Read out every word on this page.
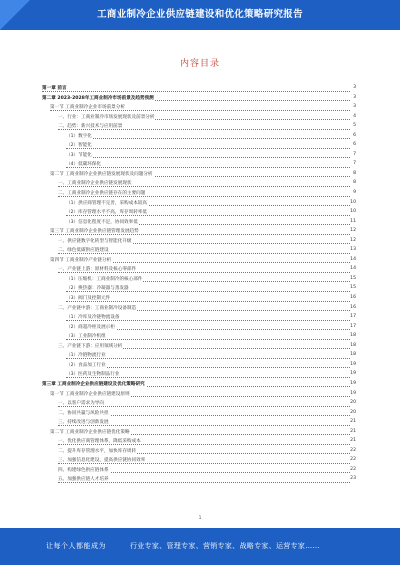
工商业制冷企业供应链建设和优化策略研究报告
内容目录
第一章 前言	3
第二章 2023-2028年工商业制冷市场前景及趋势预测	3
第一节 工商业制冷企业市场前景分析	3
一、行业：工商业制冷市场发展现状及前景分析	4
二、趋势：新兴技术与应用前景	5
（1）数字化	6
（2）智能化	6
（3）节能化	7
（4）低碳环保化	7
第二节 工商业制冷企业供应链发展现状及问题分析	8
一、工商业制冷企业供应链发展现状	8
二、工商业制冷企业供应链存在的主要问题	9
（1）供应商管理不完善，采购成本较高	10
（2）库存管理水平不高，库存周转率低	10
（3）信息化程度不足，协同效率低	11
第三节 工商业制冷企业供应链管理发展趋势	12
一、供应链数字化转型与智能化升级	12
二、绿色低碳供应链建设	13
第四节 工商业制冷产业链分析	14
一、产业链上游：原材料及核心零部件	14
（1）压缩机：工商业制冷的核心部件	15
（2）换热器：冷凝器与蒸发器	15
（3）阀门及控制元件	16
二、产业链中游：工商业制冷设备制造	16
（1）冷库及冷链物流设备	17
（2）商超冷柜及展示柜	17
（3）工业制冷机组	18
三、产业链下游：应用领域分析	18
（1）冷链物流行业	18
（2）食品加工行业	19
（3）医药及生物制品行业	19
第三章 工商业制冷企业供应链建设及优化策略研究	19
第一节 工商业制冷企业供应链建设原则	19
一、以客户需求为导向	20
二、协同共赢与风险共担	20
三、持续改进与创新发展	21
第二节 工商业制冷企业供应链优化策略	21
一、优化供应商管理体系，降低采购成本	21
二、提升库存管理水平，加快库存周转	22
三、加强信息化建设，提高供应链协同效率	22
四、构建绿色供应链体系	22
五、加强供应链人才培养	23
1
让每个人都能成为	行业专家、管理专家、营销专家、战略专家、运营专家……
